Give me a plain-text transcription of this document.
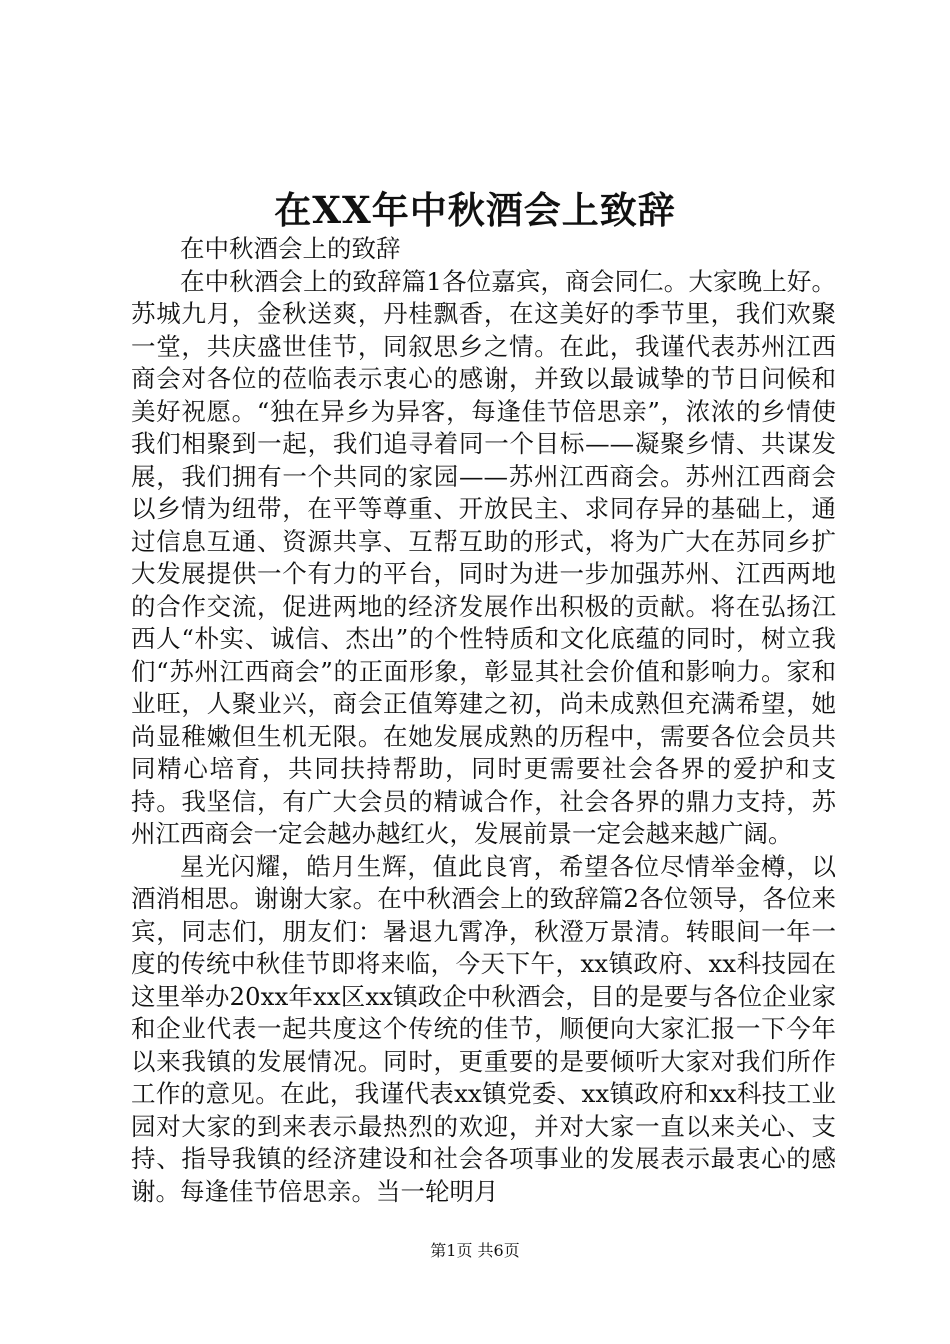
在XX年中秋酒会上致辞

在中秋酒会上的致辞

在中秋酒会上的致辞篇1各位嘉宾，商会同仁。大家晚上好。苏城九月，金秋送爽，丹桂飘香，在这美好的季节里，我们欢聚一堂，共庆盛世佳节，同叙思乡之情。在此，我谨代表苏州江西商会对各位的莅临表示衷心的感谢，并致以最诚挚的节日问候和美好祝愿。“独在异乡为异客，每逢佳节倍思亲”，浓浓的乡情使我们相聚到一起，我们追寻着同一个目标——凝聚乡情、共谋发展，我们拥有一个共同的家园——苏州江西商会。苏州江西商会以乡情为纽带，在平等尊重、开放民主、求同存异的基础上，通过信息互通、资源共享、互帮互助的形式，将为广大在苏同乡扩大发展提供一个有力的平台，同时为进一步加强苏州、江西两地的合作交流，促进两地的经济发展作出积极的贡献。将在弘扬江西人“朴实、诚信、杰出”的个性特质和文化底蕴的同时，树立我们“苏州江西商会”的正面形象，彰显其社会价值和影响力。家和业旺，人聚业兴，商会正值筹建之初，尚未成熟但充满希望，她尚显稚嫩但生机无限。在她发展成熟的历程中，需要各位会员共同精心培育，共同扶持帮助，同时更需要社会各界的爱护和支持。我坚信，有广大会员的精诚合作，社会各界的鼎力支持，苏州江西商会一定会越办越红火，发展前景一定会越来越广阔。

星光闪耀，皓月生辉，值此良宵，希望各位尽情举金樽，以酒消相思。谢谢大家。在中秋酒会上的致辞篇2各位领导，各位来宾，同志们，朋友们：暑退九霄净，秋澄万景清。转眼间一年一度的传统中秋佳节即将来临，今天下午，xx镇政府、xx科技园在这里举办20xx年xx区xx镇政企中秋酒会，目的是要与各位企业家和企业代表一起共度这个传统的佳节，顺便向大家汇报一下今年以来我镇的发展情况。同时，更重要的是要倾听大家对我们所作工作的意见。在此，我谨代表xx镇党委、xx镇政府和xx科技工业园对大家的到来表示最热烈的欢迎，并对大家一直以来关心、支持、指导我镇的经济建设和社会各项事业的发展表示最衷心的感谢。每逢佳节倍思亲。当一轮明月

第1页 共6页
